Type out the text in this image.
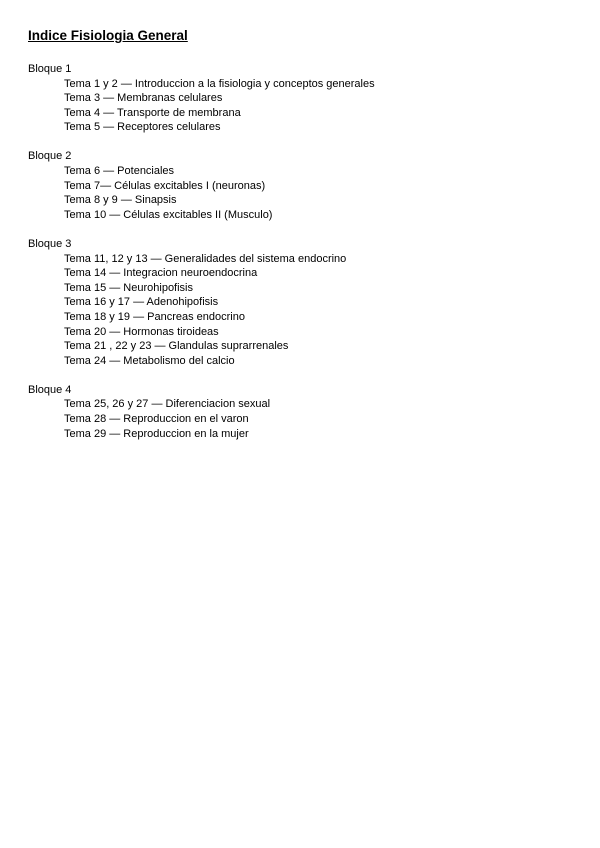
Indice Fisiologia General

Bloque 1

Tema 1 y 2 — Introduccion a la fisiologia y conceptos generales
Tema 3 — Membranas celulares
Tema 4 — Transporte de membrana
Tema 5 — Receptores celulares

Bloque 2

Tema 6 — Potenciales
Tema 7— Células excitables I (neuronas)
Tema 8 y 9 — Sinapsis
Tema 10 — Células excitables II (Musculo)

Bloque 3

Tema 11, 12 y 13 — Generalidades del sistema endocrino
Tema 14 — Integracion neuroendocrina
Tema 15 — Neurohipofisis
Tema 16 y 17 — Adenohipofisis
Tema 18 y 19 — Pancreas endocrino
Tema 20 — Hormonas tiroideas
Tema 21 , 22 y 23 — Glandulas suprarrenales
Tema 24 — Metabolismo del calcio

Bloque 4

Tema 25, 26 y 27 — Diferenciacion sexual
Tema 28 — Reproduccion en el varon
Tema 29 — Reproduccion en la mujer
